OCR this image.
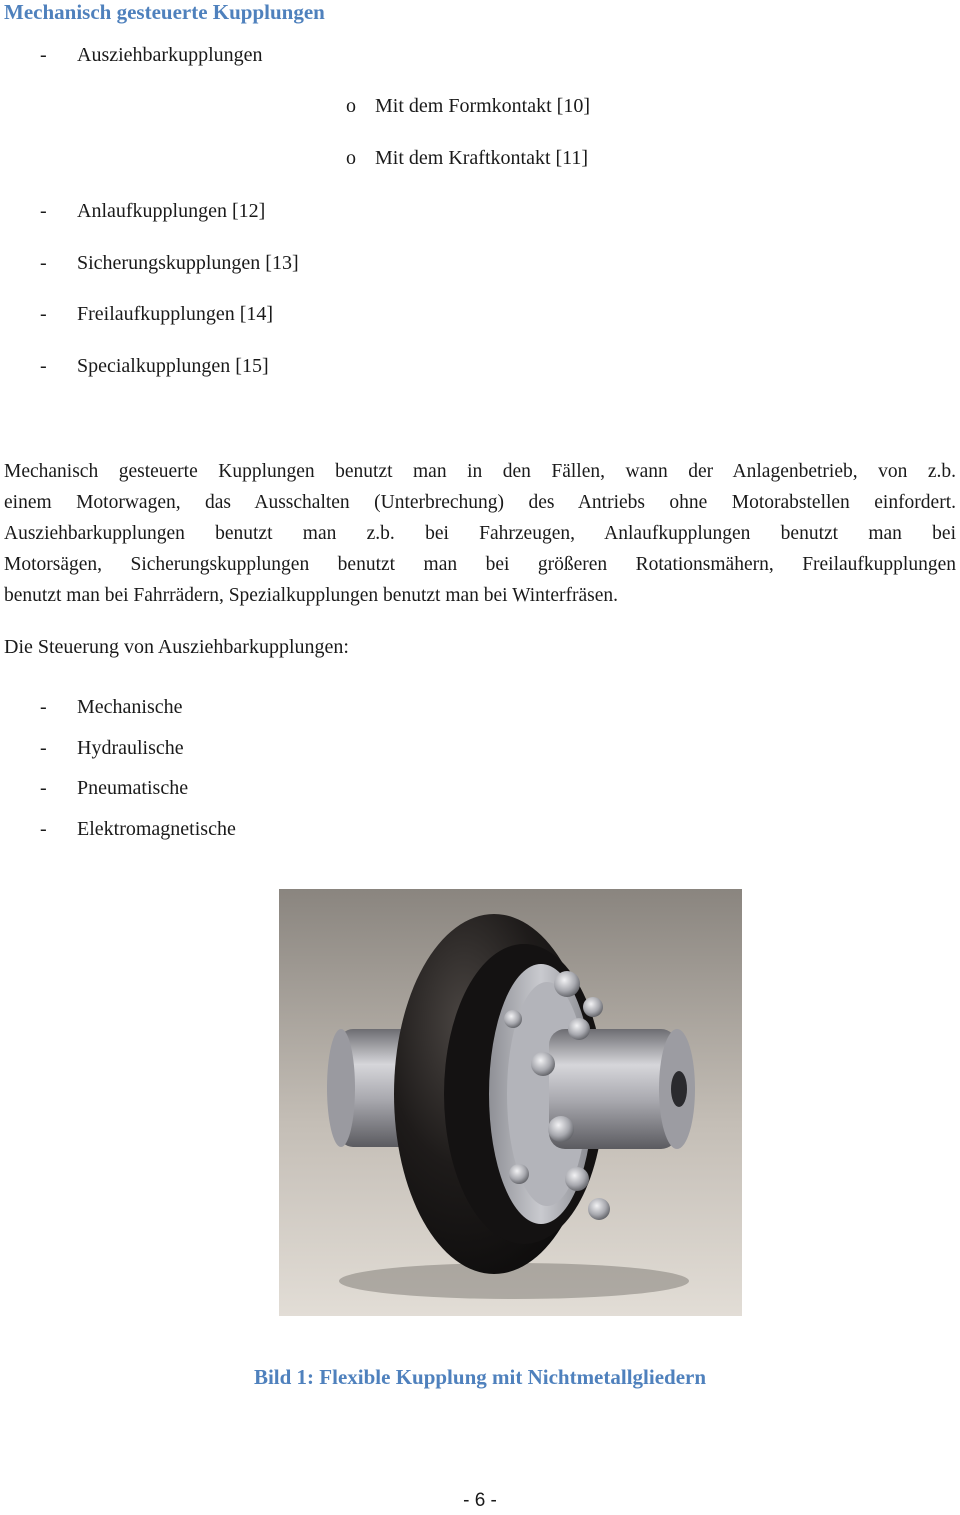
Mechanisch gesteuerte Kupplungen
- Ausziehbarkupplungen
o Mit dem Formkontakt [10]
o Mit dem Kraftkontakt [11]
- Anlaufkupplungen [12]
- Sicherungskupplungen [13]
- Freilaufkupplungen [14]
- Specialkupplungen [15]
Mechanisch gesteuerte Kupplungen benutzt man in den Fällen, wann der Anlagenbetrieb, von z.b.
einem Motorwagen, das Ausschalten (Unterbrechung) des Antriebs ohne Motorabstellen einfordert.
Ausziehbarkupplungen benutzt man z.b. bei Fahrzeugen, Anlaufkupplungen benutzt man bei
Motorsägen, Sicherungskupplungen benutzt man bei größeren Rotationsmähern, Freilaufkupplungen
benutzt man bei Fahrrädern, Spezialkupplungen benutzt man bei Winterfräsen.
Die Steuerung von Ausziehbarkupplungen:
- Mechanische
- Hydraulische
- Pneumatische
- Elektromagnetische
Bild 1: Flexible Kupplung mit Nichtmetallgliedern
- 6 -
